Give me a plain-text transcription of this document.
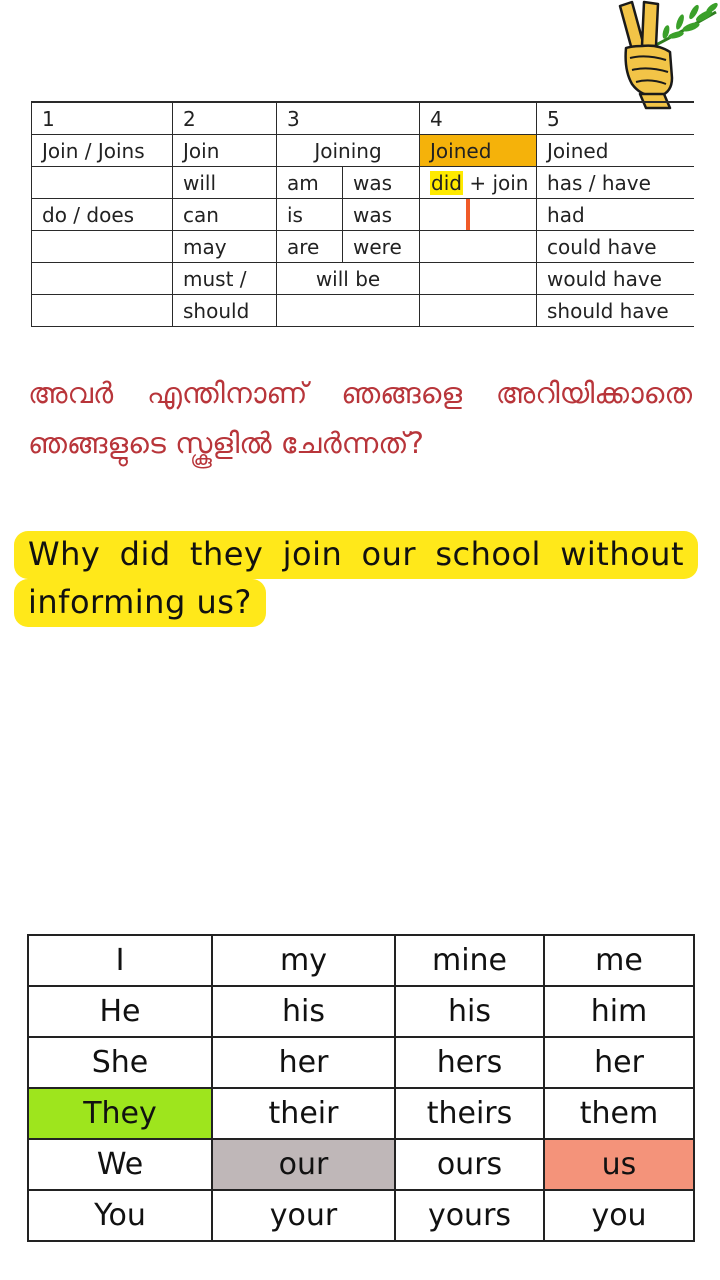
1	2	3		4	5
Join / Joins	Join	Joining		Joined	Joined
	will	am	was	did + join	has / have
do / does	can	is	was		had
	may	are	were		could have
	must /	will be			would have
	should				should have

അവർ എന്തിനാണ് ഞങ്ങളെ അറിയിക്കാതെ ഞങ്ങളുടെ സ്കൂളിൽ ചേർന്നത്?

Why did they join our school without informing us?

I	my	mine	me
He	his	his	him
She	her	hers	her
They	their	theirs	them
We	our	ours	us
You	your	yours	you
